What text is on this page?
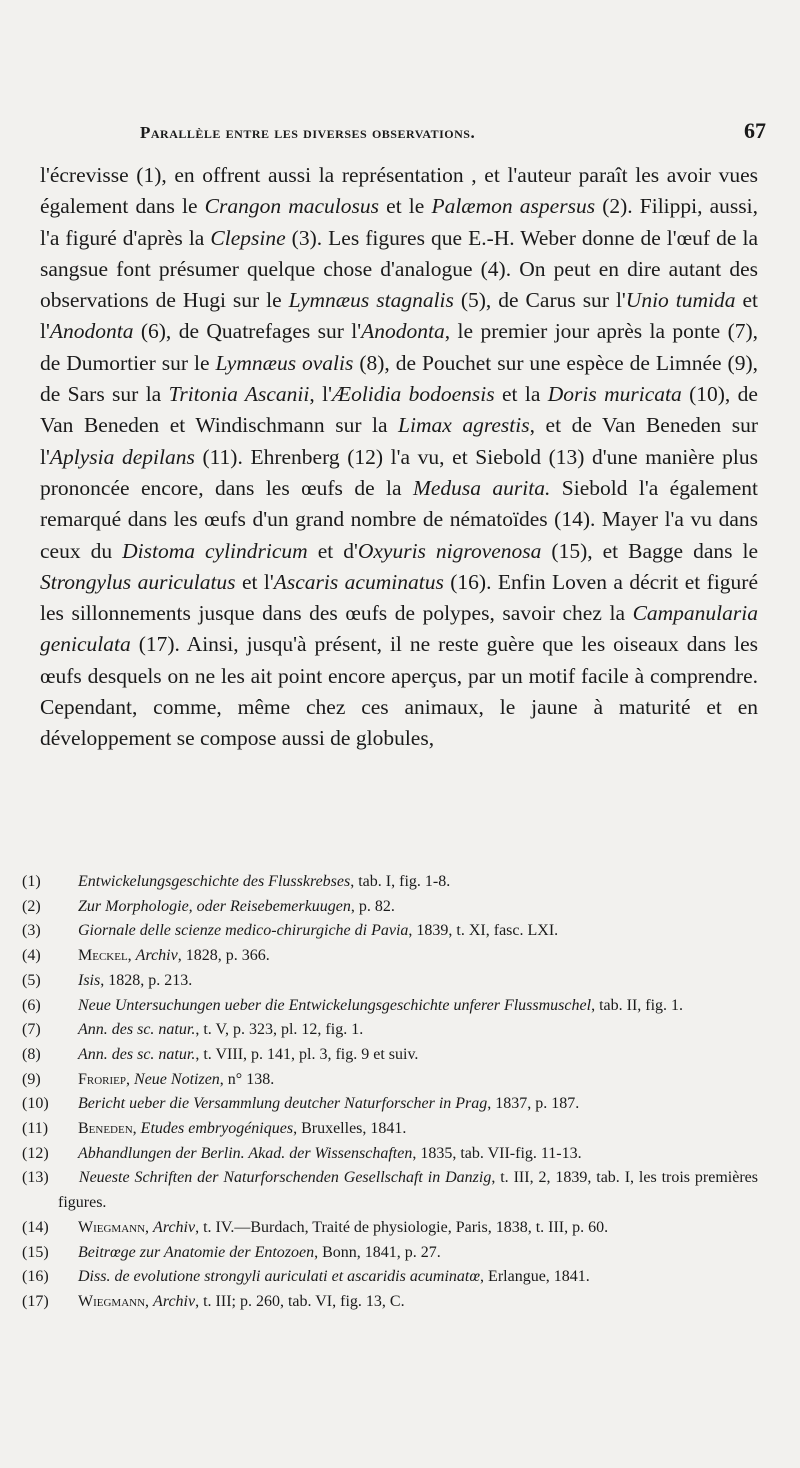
Parallèle entre les diverses observations.	67

l'écrevisse (1), en offrent aussi la représentation , et l'auteur paraît les avoir vues également dans le Crangon maculosus et le Palæmon aspersus (2). Filippi, aussi, l'a figuré d'après la Clepsine (3). Les figures que E.-H. Weber donne de l'œuf de la sangsue font présumer quelque chose d'analogue (4). On peut en dire autant des observations de Hugi sur le Lymnæus stagnalis (5), de Carus sur l'Unio tumida et l'Anodonta (6), de Quatrefages sur l'Anodonta, le premier jour après la ponte (7), de Dumortier sur le Lymnæus ovalis (8), de Pouchet sur une espèce de Limnée (9), de Sars sur la Tritonia Ascanii, l'Æolidia bodoensis et la Doris muricata (10), de Van Beneden et Windischmann sur la Limax agrestis, et de Van Beneden sur l'Aplysia depilans (11). Ehrenberg (12) l'a vu, et Siebold (13) d'une manière plus prononcée encore, dans les œufs de la Medusa aurita. Siebold l'a également remarqué dans les œufs d'un grand nombre de nématoïdes (14). Mayer l'a vu dans ceux du Distoma cylindricum et d'Oxyuris nigrovenosa (15), et Bagge dans le Strongylus auriculatus et l'Ascaris acuminatus (16). Enfin Loven a décrit et figuré les sillonnements jusque dans des œufs de polypes, savoir chez la Campanularia geniculata (17). Ainsi, jusqu'à présent, il ne reste guère que les oiseaux dans les œufs desquels on ne les ait point encore aperçus, par un motif facile à comprendre. Cependant, comme, même chez ces animaux, le jaune à maturité et en développement se compose aussi de globules,

(1) Entwickelungsgeschichte des Flusskrebses, tab. I, fig. 1-8.
(2) Zur Morphologie, oder Reisebemerkuugen, p. 82.
(3) Giornale delle scienze medico-chirurgiche di Pavia, 1839, t. XI, fasc. LXI.
(4) Meckel, Archiv, 1828, p. 366.
(5) Isis, 1828, p. 213.
(6) Neue Untersuchungen ueber die Entwickelungsgeschichte unferer Flussmuschel, tab. II, fig. 1.
(7) Ann. des sc. natur., t. V, p. 323, pl. 12, fig. 1.
(8) Ann. des sc. natur., t. VIII, p. 141, pl. 3, fig. 9 et suiv.
(9) Froriep, Neue Notizen, n° 138.
(10) Bericht ueber die Versammlung deutcher Naturforscher in Prag, 1837, p. 187.
(11) Beneden, Etudes embryogéniques, Bruxelles, 1841.
(12) Abhandlungen der Berlin. Akad. der Wissenschaften, 1835, tab. VII-fig. 11-13.
(13) Neueste Schriften der Naturforschenden Gesellschaft in Danzig, t. III, 2, 1839, tab. I, les trois premières figures.
(14) Wiegmann, Archiv, t. IV.—Burdach, Traité de physiologie, Paris, 1838, t. III, p. 60.
(15) Beitrœge zur Anatomie der Entozoen, Bonn, 1841, p. 27.
(16) Diss. de evolutione strongyli auriculati et ascaridis acuminatœ, Erlangue, 1841.
(17) Wiegmann, Archiv, t. III; p. 260, tab. VI, fig. 13, C.
